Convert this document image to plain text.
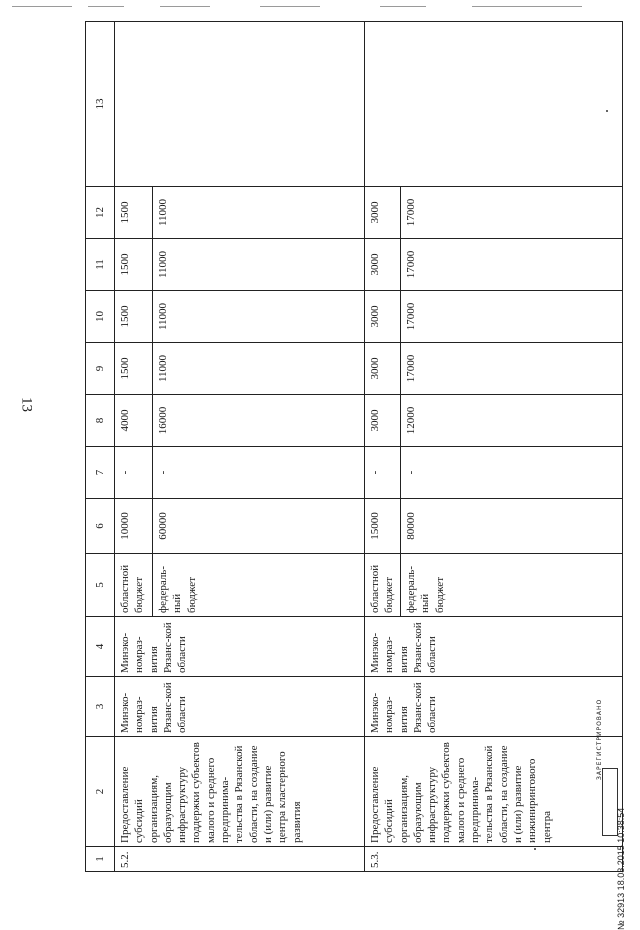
13
1	2	3	4	5	6	7	8	9	10	11	12	13
5.2.	Предоставление субсидий организациям, образующим инфраструктуру поддержки субъектов малого и среднего предпринима-тельства в Рязанской области, на создание и (или) развитие центра кластерного развития	Минэко-номраз-вития Рязанс-кой области	Минэко-номраз-вития Рязанс-кой области	областной бюджет	10000	-	4000	1500	1500	1500	1500	
				федераль-ный бюджет	60000	-	16000	11000	11000	11000	11000	
5.3.	Предоставление субсидий организациям, образующим инфраструктуру поддержки субъектов малого и среднего предпринима-тельства в Рязанской области, на создание и (или) развитие инжинирингового центра	Минэко-номраз-вития Рязанс-кой области	Минэко-номраз-вития Рязанс-кой области	областной бюджет	15000	-	3000	3000	3000	3000	3000	
				федераль-ный бюджет	80000	-	12000	17000	17000	17000	17000	
ЗАРЕГИСТРИРОВАНО
№ 32913 18.03.2015 10:38:54
